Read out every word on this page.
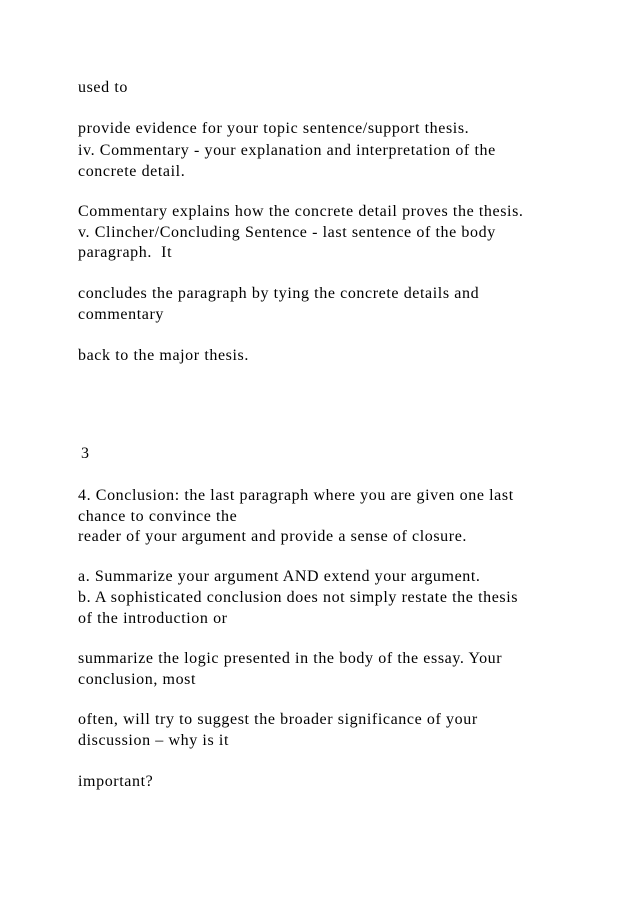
used to

provide evidence for your topic sentence/support thesis.

iv. Commentary - your explanation and interpretation of the

concrete detail.

Commentary explains how the concrete detail proves the thesis.

v. Clincher/Concluding Sentence - last sentence of the body

paragraph.  It

concludes the paragraph by tying the concrete details and

commentary

back to the major thesis.

3

4. Conclusion: the last paragraph where you are given one last

chance to convince the

reader of your argument and provide a sense of closure.

a. Summarize your argument AND extend your argument.

b. A sophisticated conclusion does not simply restate the thesis

of the introduction or

summarize the logic presented in the body of the essay. Your

conclusion, most

often, will try to suggest the broader significance of your

discussion – why is it

important?
